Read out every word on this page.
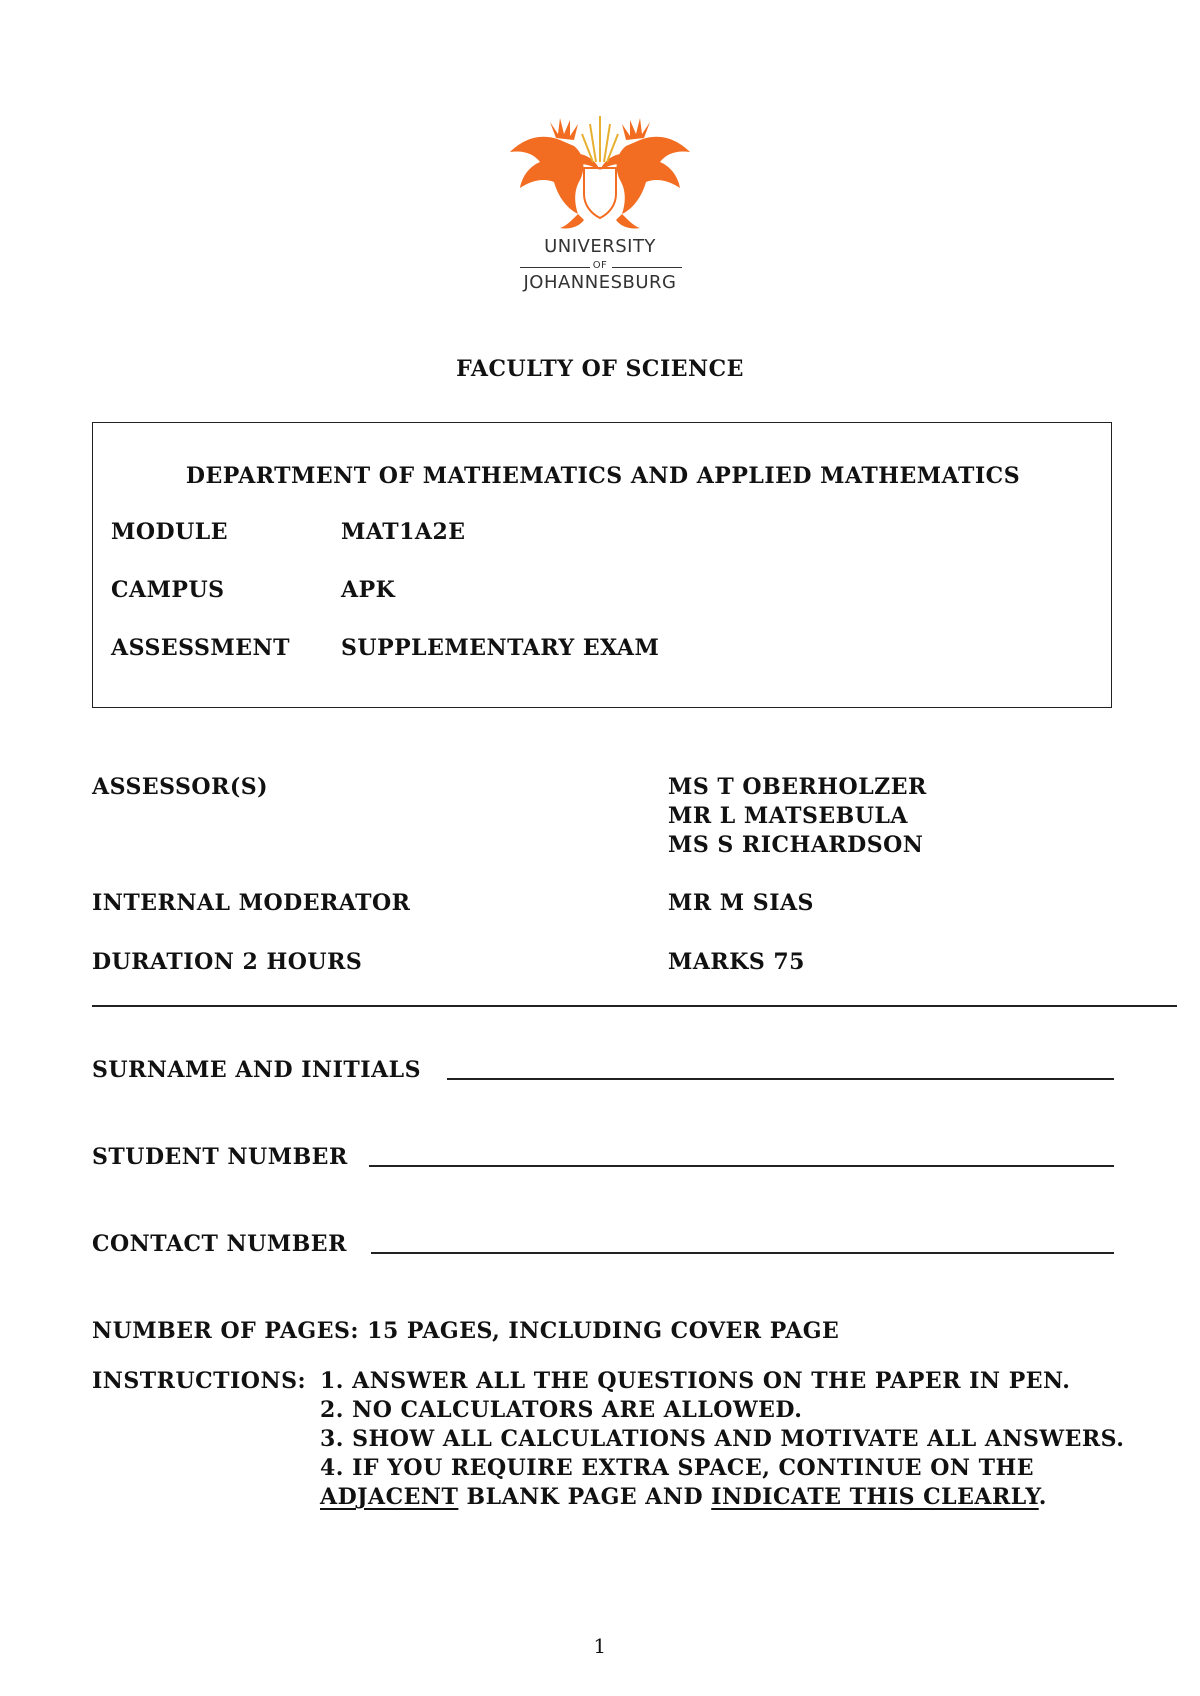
UNIVERSITY
OF
JOHANNESBURG
FACULTY OF SCIENCE
DEPARTMENT OF MATHEMATICS AND APPLIED MATHEMATICS
MODULE	MAT1A2E
CAMPUS	APK
ASSESSMENT SUPPLEMENTARY EXAM
ASSESSOR(S)	MS T OBERHOLZER
MR L MATSEBULA
MS S RICHARDSON
INTERNAL MODERATOR	MR M SIAS
DURATION 2 HOURS	MARKS 75
SURNAME AND INITIALS
STUDENT NUMBER
CONTACT NUMBER
NUMBER OF PAGES: 15 PAGES, INCLUDING COVER PAGE
INSTRUCTIONS: 1. ANSWER ALL THE QUESTIONS ON THE PAPER IN PEN.
2. NO CALCULATORS ARE ALLOWED.
3. SHOW ALL CALCULATIONS AND MOTIVATE ALL ANSWERS.
4. IF YOU REQUIRE EXTRA SPACE, CONTINUE ON THE
ADJACENT BLANK PAGE AND INDICATE THIS CLEARLY.
1
